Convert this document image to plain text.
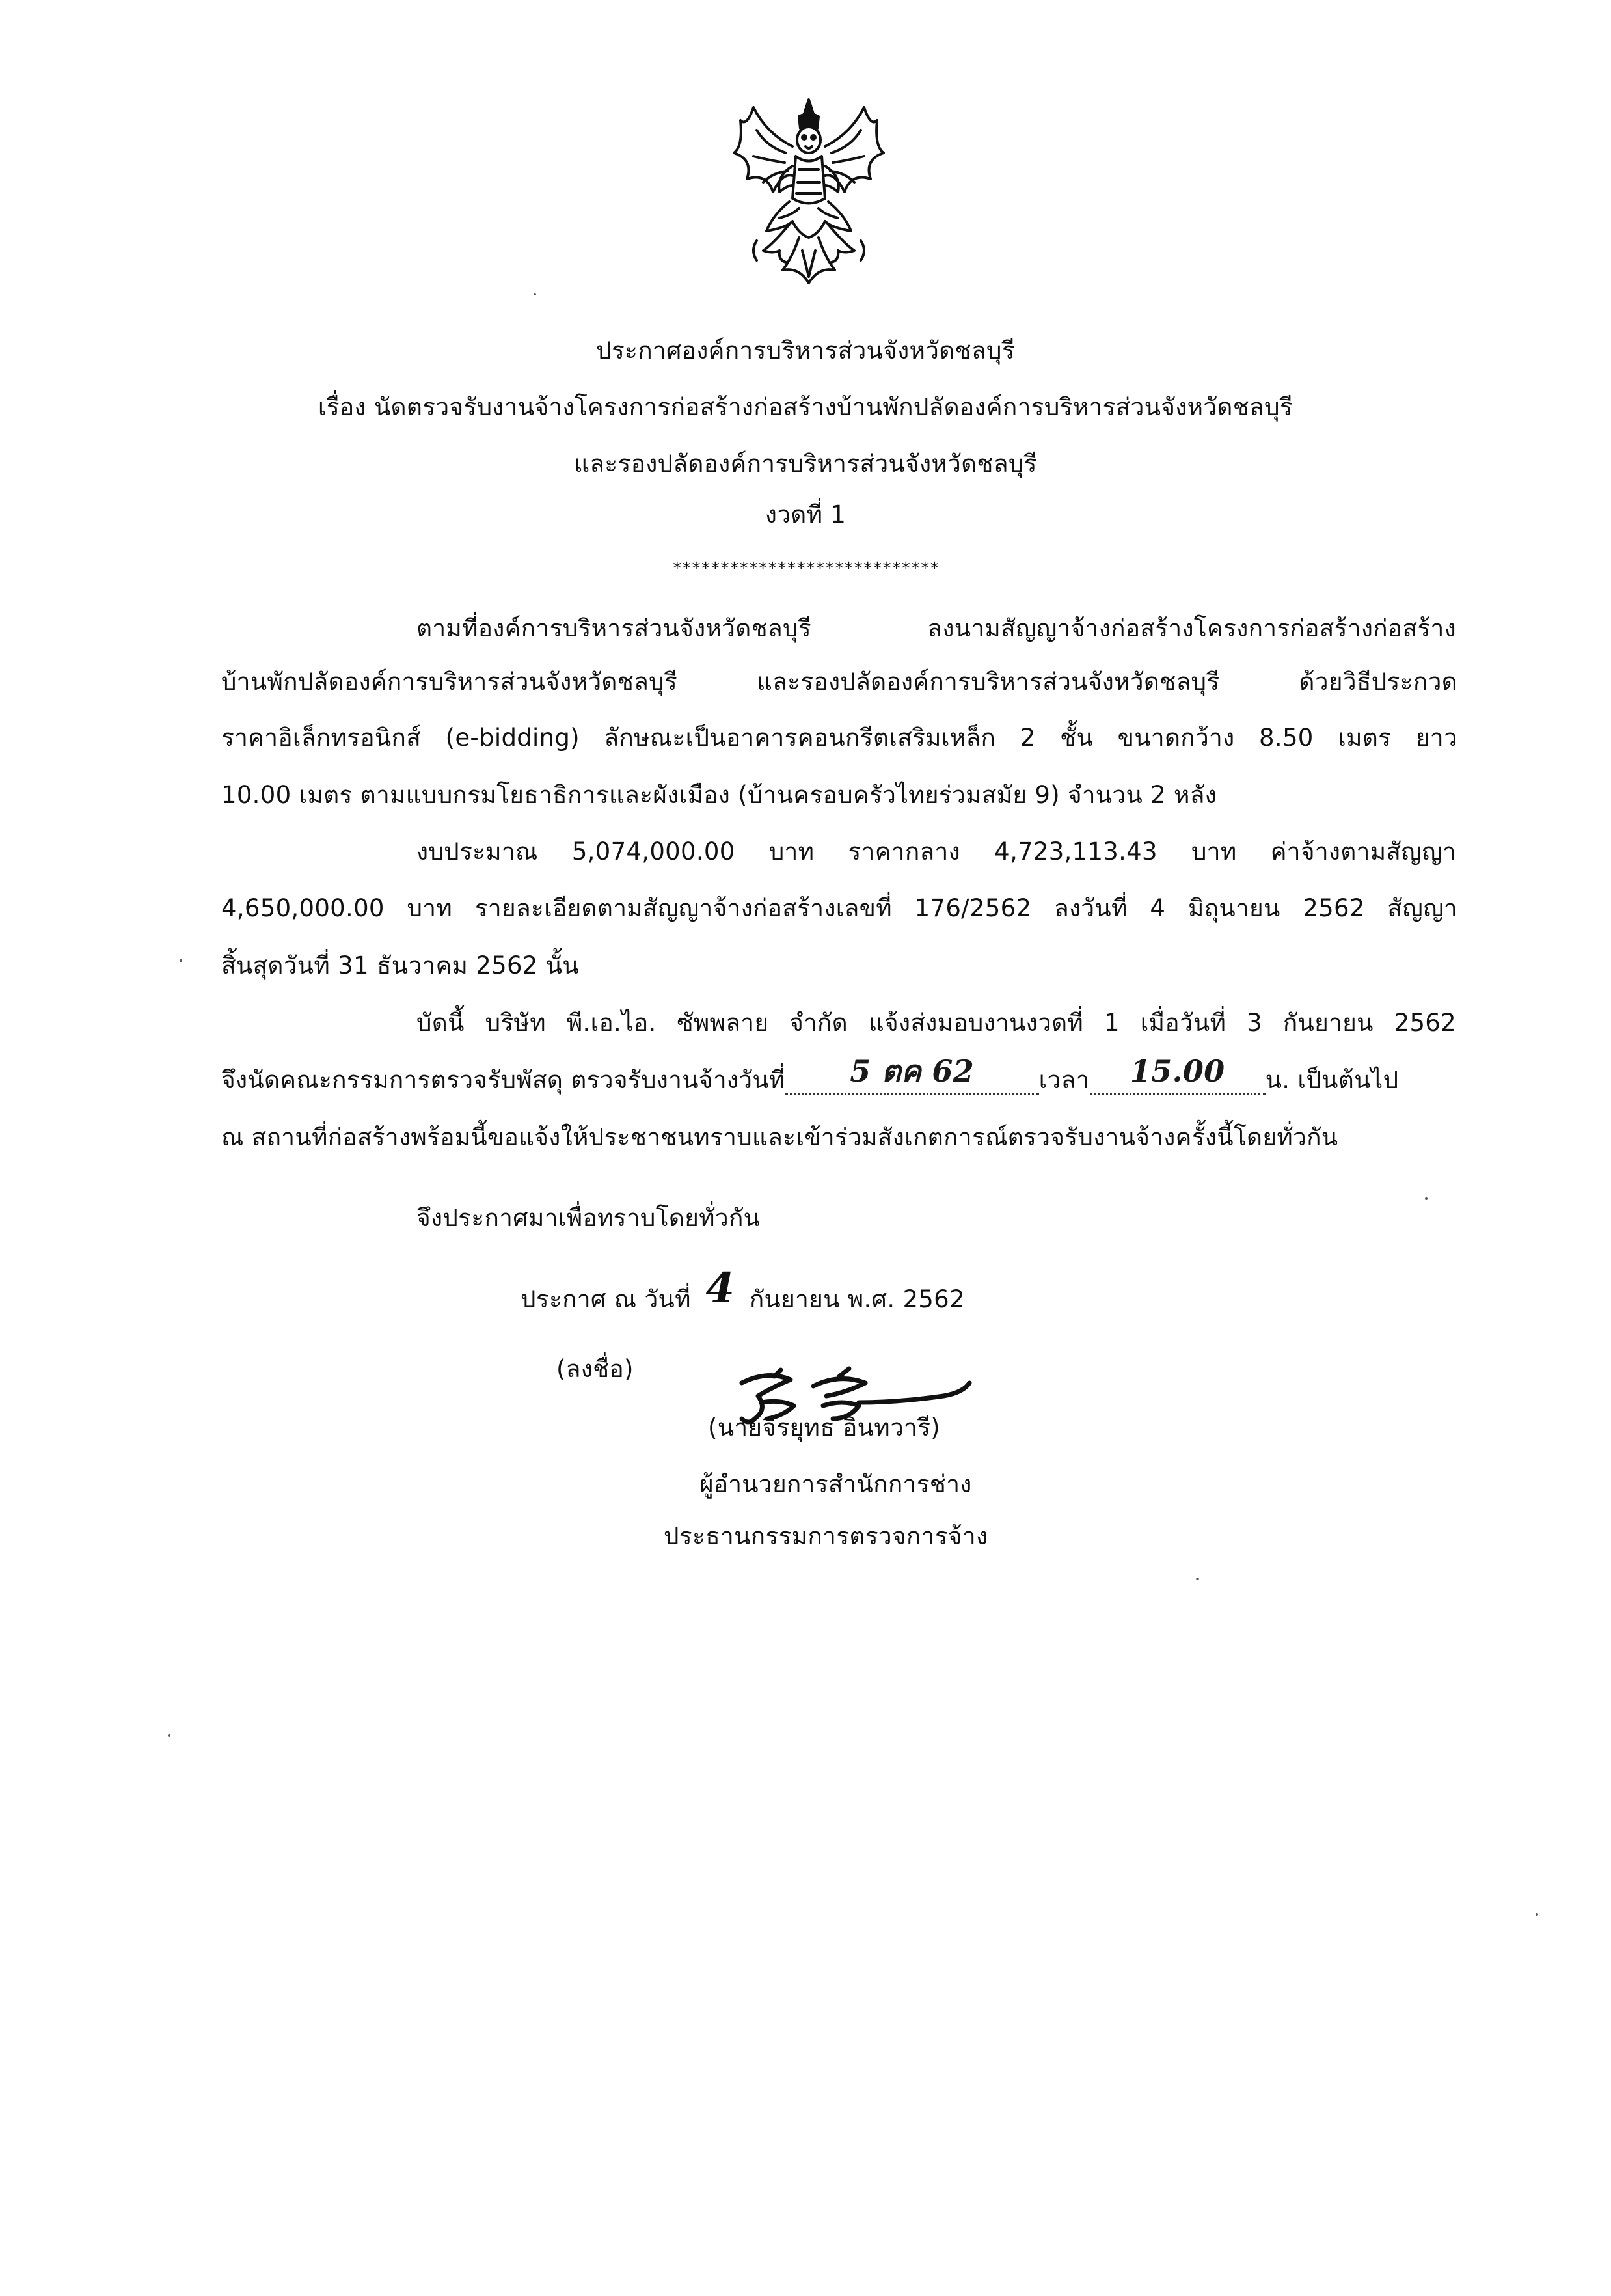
ประกาศองค์การบริหารส่วนจังหวัดชลบุรี
เรื่อง นัดตรวจรับงานจ้างโครงการก่อสร้างก่อสร้างบ้านพักปลัดองค์การบริหารส่วนจังหวัดชลบุรี
และรองปลัดองค์การบริหารส่วนจังหวัดชลบุรี
งวดที่ 1
****************************
ตามที่องค์การบริหารส่วนจังหวัดชลบุรี ลงนามสัญญาจ้างก่อสร้างโครงการก่อสร้างก่อสร้าง
บ้านพักปลัดองค์การบริหารส่วนจังหวัดชลบุรี และรองปลัดองค์การบริหารส่วนจังหวัดชลบุรี ด้วยวิธีประกวด
ราคาอิเล็กทรอนิกส์ (e-bidding) ลักษณะเป็นอาคารคอนกรีตเสริมเหล็ก 2 ชั้น ขนาดกว้าง 8.50 เมตร ยาว
10.00 เมตร ตามแบบกรมโยธาธิการและผังเมือง (บ้านครอบครัวไทยร่วมสมัย 9) จำนวน 2 หลัง
งบประมาณ 5,074,000.00 บาท ราคากลาง 4,723,113.43 บาท ค่าจ้างตามสัญญา
4,650,000.00 บาท รายละเอียดตามสัญญาจ้างก่อสร้างเลขที่ 176/2562 ลงวันที่ 4 มิถุนายน 2562 สัญญา
สิ้นสุดวันที่ 31 ธันวาคม 2562 นั้น
บัดนี้ บริษัท พี.เอ.ไอ. ซัพพลาย จำกัด แจ้งส่งมอบงานงวดที่ 1 เมื่อวันที่ 3 กันยายน 2562
จึงนัดคณะกรรมการตรวจรับพัสดุ ตรวจรับงานจ้างวันที่ 5 ตค 62	เวลา 15.00 น. เป็นต้นไป
ณ สถานที่ก่อสร้างพร้อมนี้ขอแจ้งให้ประชาชนทราบและเข้าร่วมสังเกตการณ์ตรวจรับงานจ้างครั้งนี้โดยทั่วกัน
จึงประกาศมาเพื่อทราบโดยทั่วกัน
ประกาศ ณ วันที่ 4 กันยายน พ.ศ. 2562
(ลงชื่อ)
(นายจิรยุทธ อินทวารี)
ผู้อำนวยการสำนักการช่าง
ประธานกรรมการตรวจการจ้าง
